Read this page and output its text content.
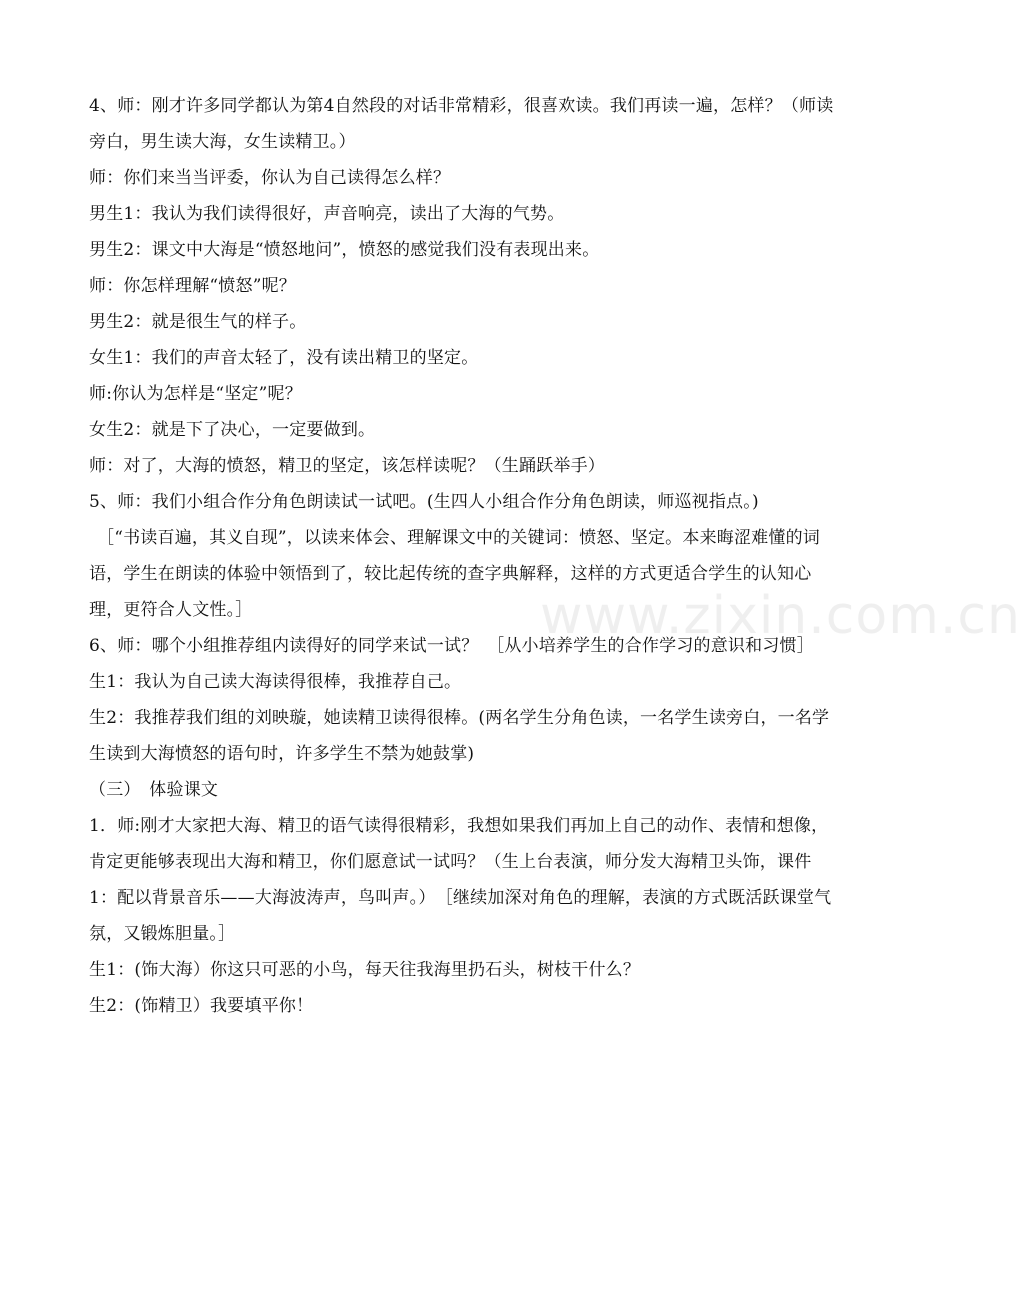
www.zixin.com.cn

4、师：刚才许多同学都认为第4自然段的对话非常精彩，很喜欢读。我们再读一遍，怎样？（师读旁白，男生读大海，女生读精卫。）

师：你们来当当评委，你认为自己读得怎么样？

男生1：我认为我们读得很好，声音响亮，读出了大海的气势。

男生2：课文中大海是“愤怒地问”，愤怒的感觉我们没有表现出来。

师：你怎样理解“愤怒”呢？

男生2：就是很生气的样子。

女生1：我们的声音太轻了，没有读出精卫的坚定。

师:你认为怎样是“坚定”呢？

女生2：就是下了决心，一定要做到。

师：对了，大海的愤怒，精卫的坚定，该怎样读呢？（生踊跃举手）

5、师：我们小组合作分角色朗读试一试吧。(生四人小组合作分角色朗读，师巡视指点。)

［“书读百遍，其义自现”，以读来体会、理解课文中的关键词：愤怒、坚定。本来晦涩难懂的词语，学生在朗读的体验中领悟到了，较比起传统的查字典解释，这样的方式更适合学生的认知心理，更符合人文性。］

6、师：哪个小组推荐组内读得好的同学来试一试？　［从小培养学生的合作学习的意识和习惯］

生1：我认为自己读大海读得很棒，我推荐自己。

生2：我推荐我们组的刘映璇，她读精卫读得很棒。(两名学生分角色读，一名学生读旁白，一名学生读到大海愤怒的语句时，许多学生不禁为她鼓掌)

（三）　体验课文

1．师:刚才大家把大海、精卫的语气读得很精彩，我想如果我们再加上自己的动作、表情和想像，肯定更能够表现出大海和精卫，你们愿意试一试吗？（生上台表演，师分发大海精卫头饰，课件1：配以背景音乐——大海波涛声，鸟叫声。）　［继续加深对角色的理解，表演的方式既活跃课堂气氛，又锻炼胆量。］

生1：(饰大海）你这只可恶的小鸟，每天往我海里扔石头，树枝干什么？

生2：(饰精卫）我要填平你！
